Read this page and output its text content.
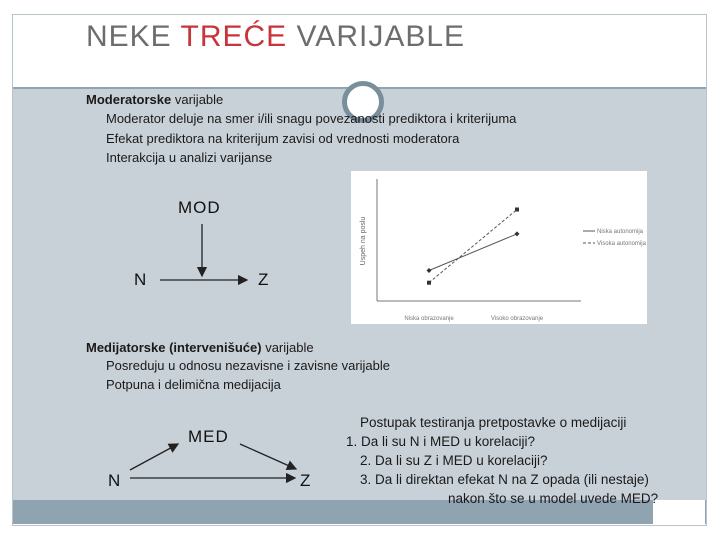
NEKE TREĆE VARIJABLE
Moderatorske varijable
Moderator deluje na smer i/ili snagu povezanosti prediktora i kriterijuma
Efekat prediktora na kriterijum zavisi od vrednosti moderatora
Interakcija u analizi varijanse
MOD
N	Z
Uspeh na poslu
Niska obrazovanje	Visoko obrazovanje
Niska autonomija
Visoka autonomija
Medijatorske (intervenišuće) varijable
Posreduju u odnosu nezavisne i zavisne varijable
Potpuna i delimična medijacija
MED
N	Z
Postupak testiranja pretpostavke o medijaciji
1. Da li su N i MED u korelaciji?
2. Da li su Z i MED u korelaciji?
3. Da li direktan efekat N na Z opada (ili nestaje)
nakon što se u model uvede MED?
